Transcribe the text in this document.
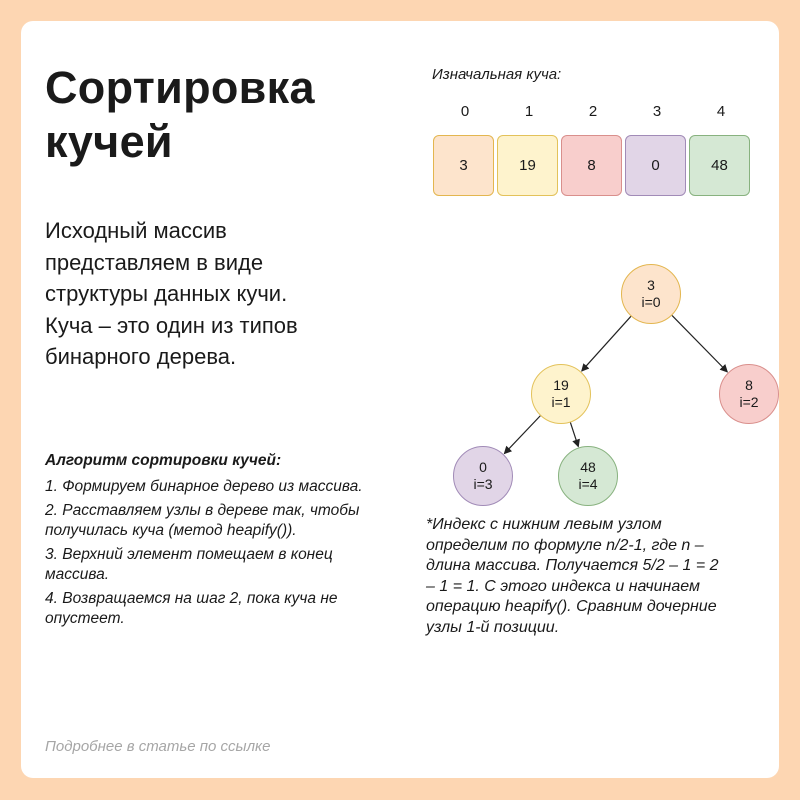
Сортировка
кучей

Исходный массив
представляем в виде
структуры данных кучи.
Куча – это один из типов
бинарного дерева.

Алгоритм сортировки кучей:
1. Формируем бинарное дерево из массива.
2. Расставляем узлы в дереве так, чтобы получилась куча (метод heapify()).
3. Верхний элемент помещаем в конец массива.
4. Возвращаемся на шаг 2, пока куча не опустеет.
Изначальная куча:
0	1	2	3	4
3	19	8	0	48
3
i=0
19
i=1
8
i=2
0
i=3
48
i=4
*Индекс с нижним левым узлом
определим по формуле n/2-1, где n –
длина массива. Получается 5/2 – 1 = 2
– 1 = 1. С этого индекса и начинаем
операцию heapify(). Сравним дочерние
узлы 1-й позиции.
Подробнее в статье по ссылке
